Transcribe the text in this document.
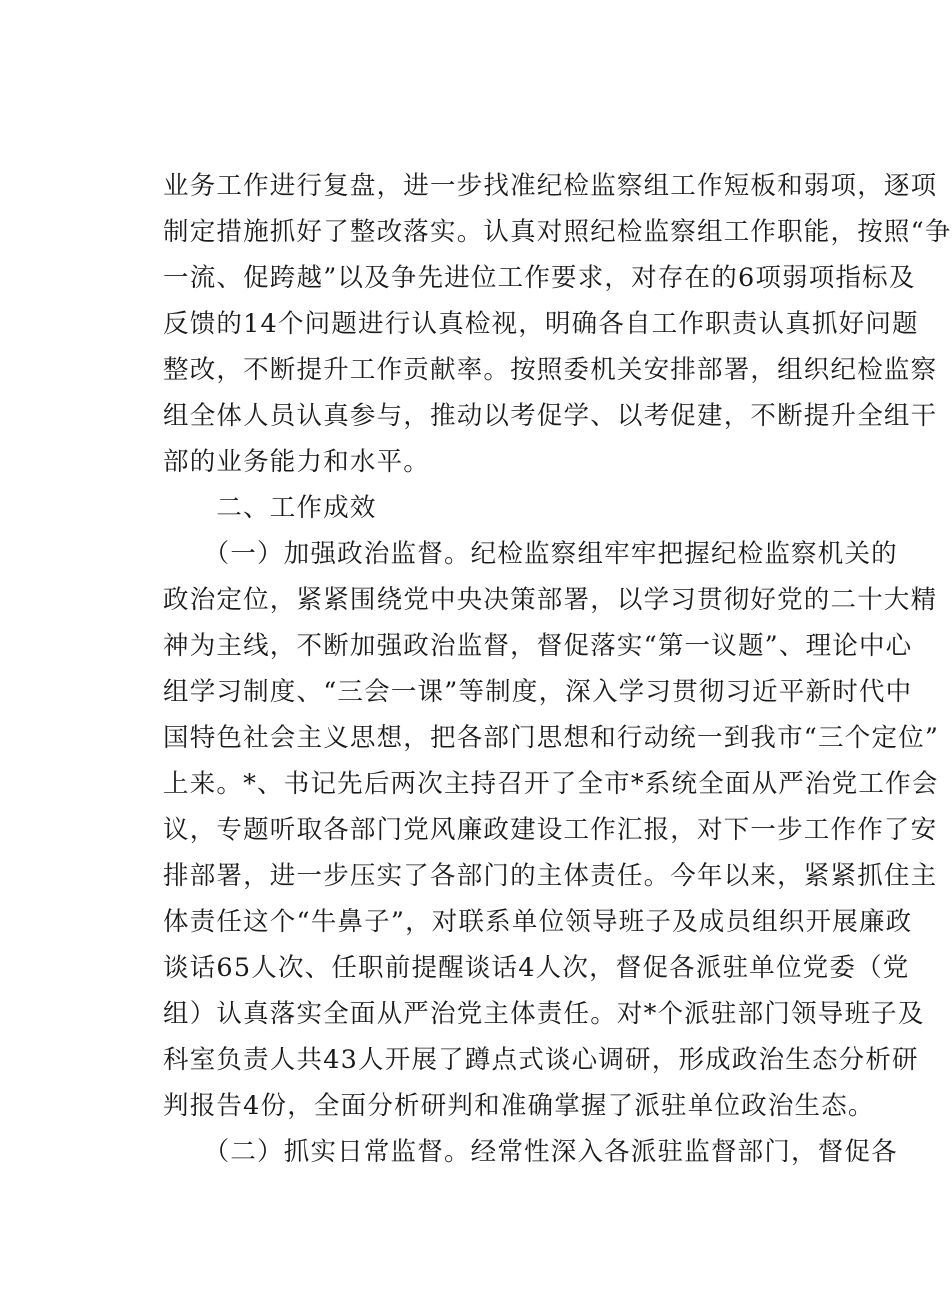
业务工作进行复盘，进一步找准纪检监察组工作短板和弱项，逐项
制定措施抓好了整改落实。认真对照纪检监察组工作职能，按照“争
一流、促跨越”以及争先进位工作要求，对存在的6项弱项指标及
反馈的14个问题进行认真检视，明确各自工作职责认真抓好问题
整改，不断提升工作贡献率。按照委机关安排部署，组织纪检监察
组全体人员认真参与，推动以考促学、以考促建，不断提升全组干
部的业务能力和水平。
　　二、工作成效
　　（一）加强政治监督。纪检监察组牢牢把握纪检监察机关的
政治定位，紧紧围绕党中央决策部署，以学习贯彻好党的二十大精
神为主线，不断加强政治监督，督促落实“第一议题”、理论中心
组学习制度、“三会一课”等制度，深入学习贯彻习近平新时代中
国特色社会主义思想，把各部门思想和行动统一到我市“三个定位”
上来。*、书记先后两次主持召开了全市*系统全面从严治党工作会
议，专题听取各部门党风廉政建设工作汇报，对下一步工作作了安
排部署，进一步压实了各部门的主体责任。今年以来，紧紧抓住主
体责任这个“牛鼻子”，对联系单位领导班子及成员组织开展廉政
谈话65人次、任职前提醒谈话4人次，督促各派驻单位党委（党
组）认真落实全面从严治党主体责任。对*个派驻部门领导班子及
科室负责人共43人开展了蹲点式谈心调研，形成政治生态分析研
判报告4份，全面分析研判和准确掌握了派驻单位政治生态。
　　（二）抓实日常监督。经常性深入各派驻监督部门，督促各
